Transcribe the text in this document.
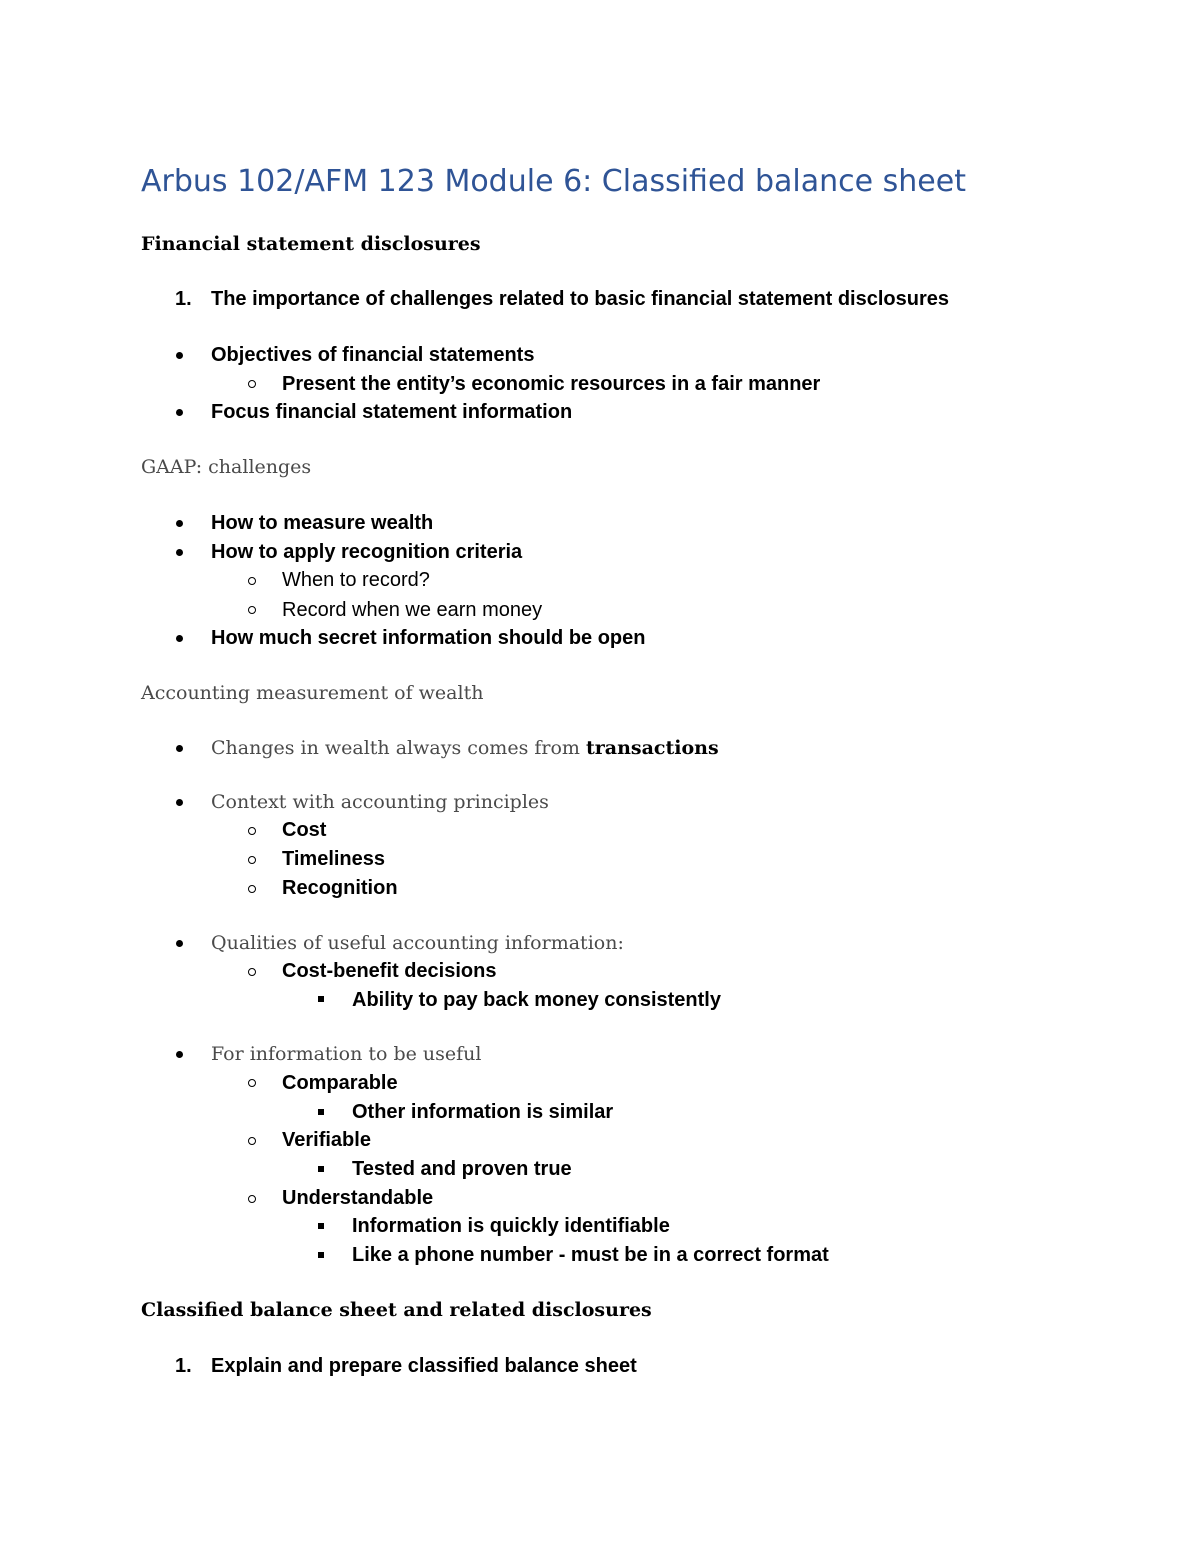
Arbus 102/AFM 123 Module 6: Classified balance sheet
Financial statement disclosures
1. The importance of challenges related to basic financial statement disclosures
Objectives of financial statements
Present the entity’s economic resources in a fair manner
Focus financial statement information
GAAP: challenges
How to measure wealth
How to apply recognition criteria
When to record?
Record when we earn money
How much secret information should be open
Accounting measurement of wealth
Changes in wealth always comes from transactions
Context with accounting principles
Cost
Timeliness
Recognition
Qualities of useful accounting information:
Cost-benefit decisions
Ability to pay back money consistently
For information to be useful
Comparable
Other information is similar
Verifiable
Tested and proven true
Understandable
Information is quickly identifiable
Like a phone number - must be in a correct format
Classified balance sheet and related disclosures
1. Explain and prepare classified balance sheet
